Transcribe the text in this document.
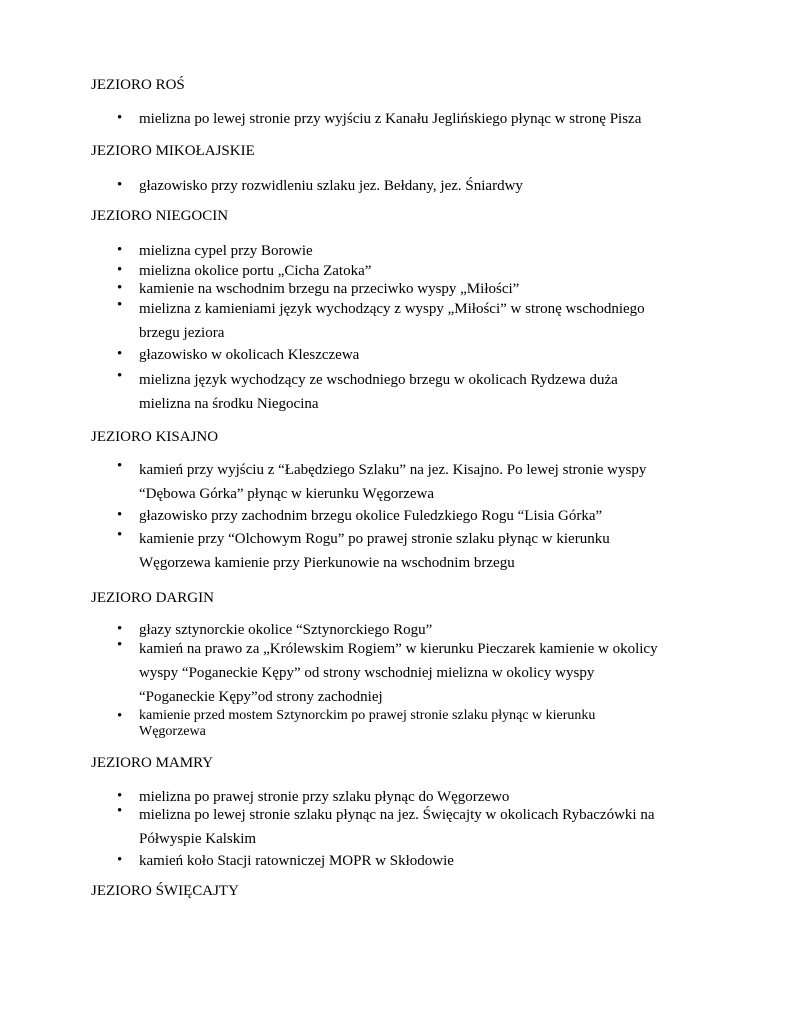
JEZIORO ROŚ
• mielizna po lewej stronie przy wyjściu z Kanału Jeglińskiego płynąc w stronę Pisza
JEZIORO MIKOŁAJSKIE
• głazowisko przy rozwidleniu szlaku jez. Bełdany, jez. Śniardwy
JEZIORO NIEGOCIN
• mielizna cypel przy Borowie
• mielizna okolice portu „Cicha Zatoka”
• kamienie na wschodnim brzegu na przeciwko wyspy „Miłości”
• mielizna z kamieniami język wychodzący z wyspy „Miłości” w stronę wschodniego
brzegu jeziora
• głazowisko w okolicach Kleszczewa
• mielizna język wychodzący ze wschodniego brzegu w okolicach Rydzewa duża
mielizna na środku Niegocina
JEZIORO KISAJNO
• kamień przy wyjściu z “Łabędziego Szlaku” na jez. Kisajno. Po lewej stronie wyspy
“Dębowa Górka” płynąc w kierunku Węgorzewa
• głazowisko przy zachodnim brzegu okolice Fuledzkiego Rogu “Lisia Górka”
• kamienie przy “Olchowym Rogu” po prawej stronie szlaku płynąc w kierunku
Węgorzewa kamienie przy Pierkunowie na wschodnim brzegu
JEZIORO DARGIN
• głazy sztynorckie okolice “Sztynorckiego Rogu”
• kamień na prawo za „Królewskim Rogiem” w kierunku Pieczarek kamienie w okolicy
wyspy “Poganeckie Kępy” od strony wschodniej mielizna w okolicy wyspy
“Poganeckie Kępy”od strony zachodniej
• kamienie przed mostem Sztynorckim po prawej stronie szlaku płynąc w kierunku
Węgorzewa
JEZIORO MAMRY
• mielizna po prawej stronie przy szlaku płynąc do Węgorzewo
• mielizna po lewej stronie szlaku płynąc na jez. Święcajty w okolicach Rybaczówki na
Półwyspie Kalskim
• kamień koło Stacji ratowniczej MOPR w Skłodowie
JEZIORO ŚWIĘCAJTY
